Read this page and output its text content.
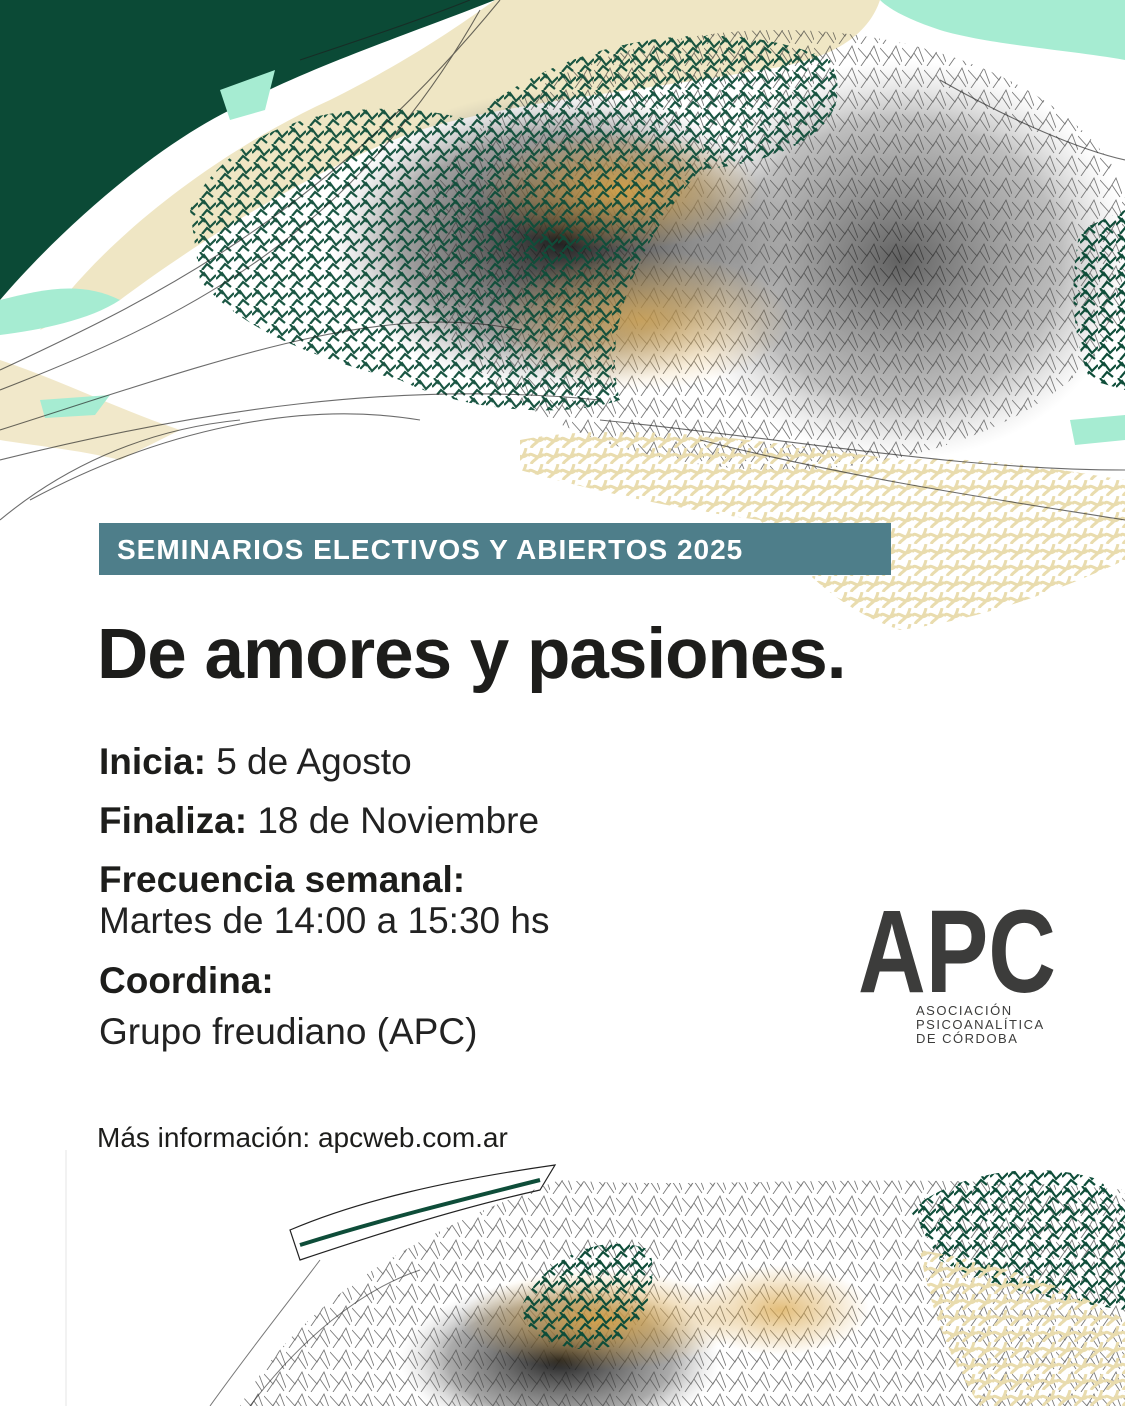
SEMINARIOS ELECTIVOS Y ABIERTOS 2025
De amores y pasiones.
Inicia: 5 de Agosto
Finaliza: 18 de Noviembre
Frecuencia semanal:
Martes de 14:00 a 15:30 hs
Coordina:
Grupo freudiano (APC)
APC
ASOCIACIÓN
PSICOANALÍTICA
DE CÓRDOBA
Más información: apcweb.com.ar
